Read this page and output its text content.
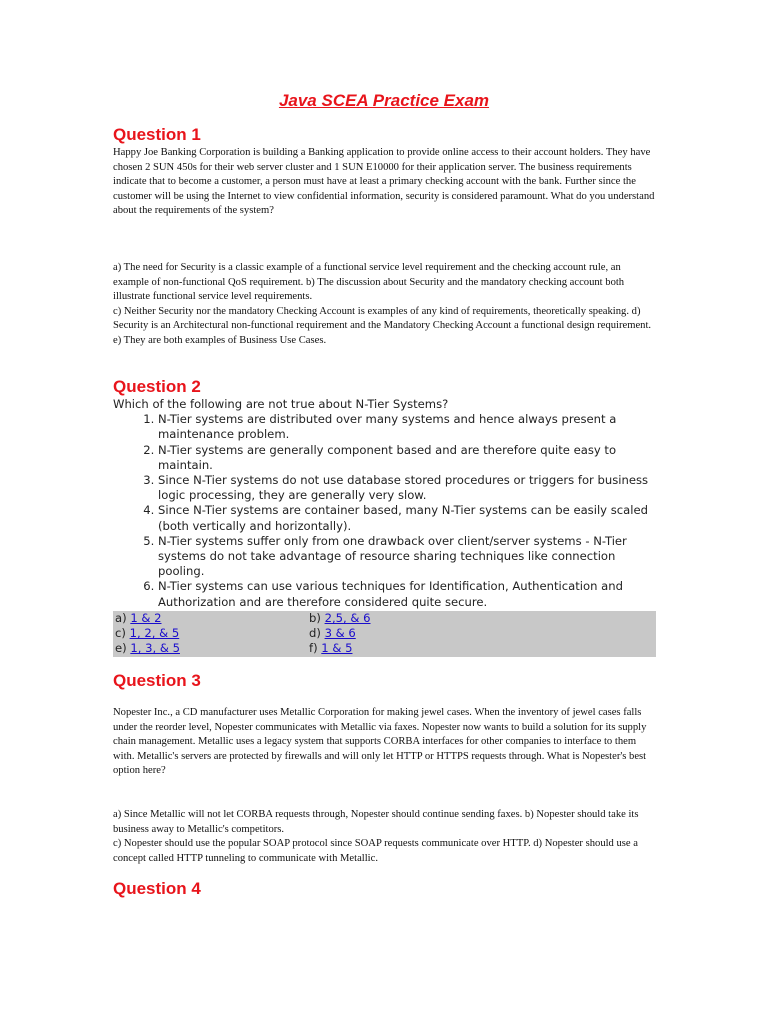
Java SCEA Practice Exam
Question 1

Happy Joe Banking Corporation is building a Banking application to provide online access to their account holders. They have chosen 2 SUN 450s for their web server cluster and 1 SUN E10000 for their application server. The business requirements indicate that to become a customer, a person must have at least a primary checking account with the bank. Further since the customer will be using the Internet to view confidential information, security is considered paramount. What do you understand about the requirements of the system?

a) The need for Security is a classic example of a functional service level requirement and the checking account rule, an example of non-functional QoS requirement. b) The discussion about Security and the mandatory checking account both illustrate functional service level requirements.

c) Neither Security nor the mandatory Checking Account is examples of any kind of requirements, theoretically speaking. d) Security is an Architectural non-functional requirement and the Mandatory Checking Account a functional design requirement.

e) They are both examples of Business Use Cases.

Question 2
Which of the following are not true about N-Tier Systems?
1. N-Tier systems are distributed over many systems and hence always present a maintenance problem.
2. N-Tier systems are generally component based and are therefore quite easy to maintain.
3. Since N-Tier systems do not use database stored procedures or triggers for business logic processing, they are generally very slow.
4. Since N-Tier systems are container based, many N-Tier systems can be easily scaled (both vertically and horizontally).
5. N-Tier systems suffer only from one drawback over client/server systems - N-Tier systems do not take advantage of resource sharing techniques like connection pooling.
6. N-Tier systems can use various techniques for Identification, Authentication and Authorization and are therefore considered quite secure.
a) 1 & 2	b) 2,5, & 6
c) 1, 2, & 5	d) 3 & 6
e) 1, 3, & 5	f) 1 & 5
Question 3

Nopester Inc., a CD manufacturer uses Metallic Corporation for making jewel cases. When the inventory of jewel cases falls under the reorder level, Nopester communicates with Metallic via faxes. Nopester now wants to build a solution for its supply chain management. Metallic uses a legacy system that supports CORBA interfaces for other companies to interface to them with. Metallic's servers are protected by firewalls and will only let HTTP or HTTPS requests through. What is Nopester's best option here?

a) Since Metallic will not let CORBA requests through, Nopester should continue sending faxes. b) Nopester should take its business away to Metallic's competitors.

c) Nopester should use the popular SOAP protocol since SOAP requests communicate over HTTP. d) Nopester should use a concept called HTTP tunneling to communicate with Metallic.

Question 4
